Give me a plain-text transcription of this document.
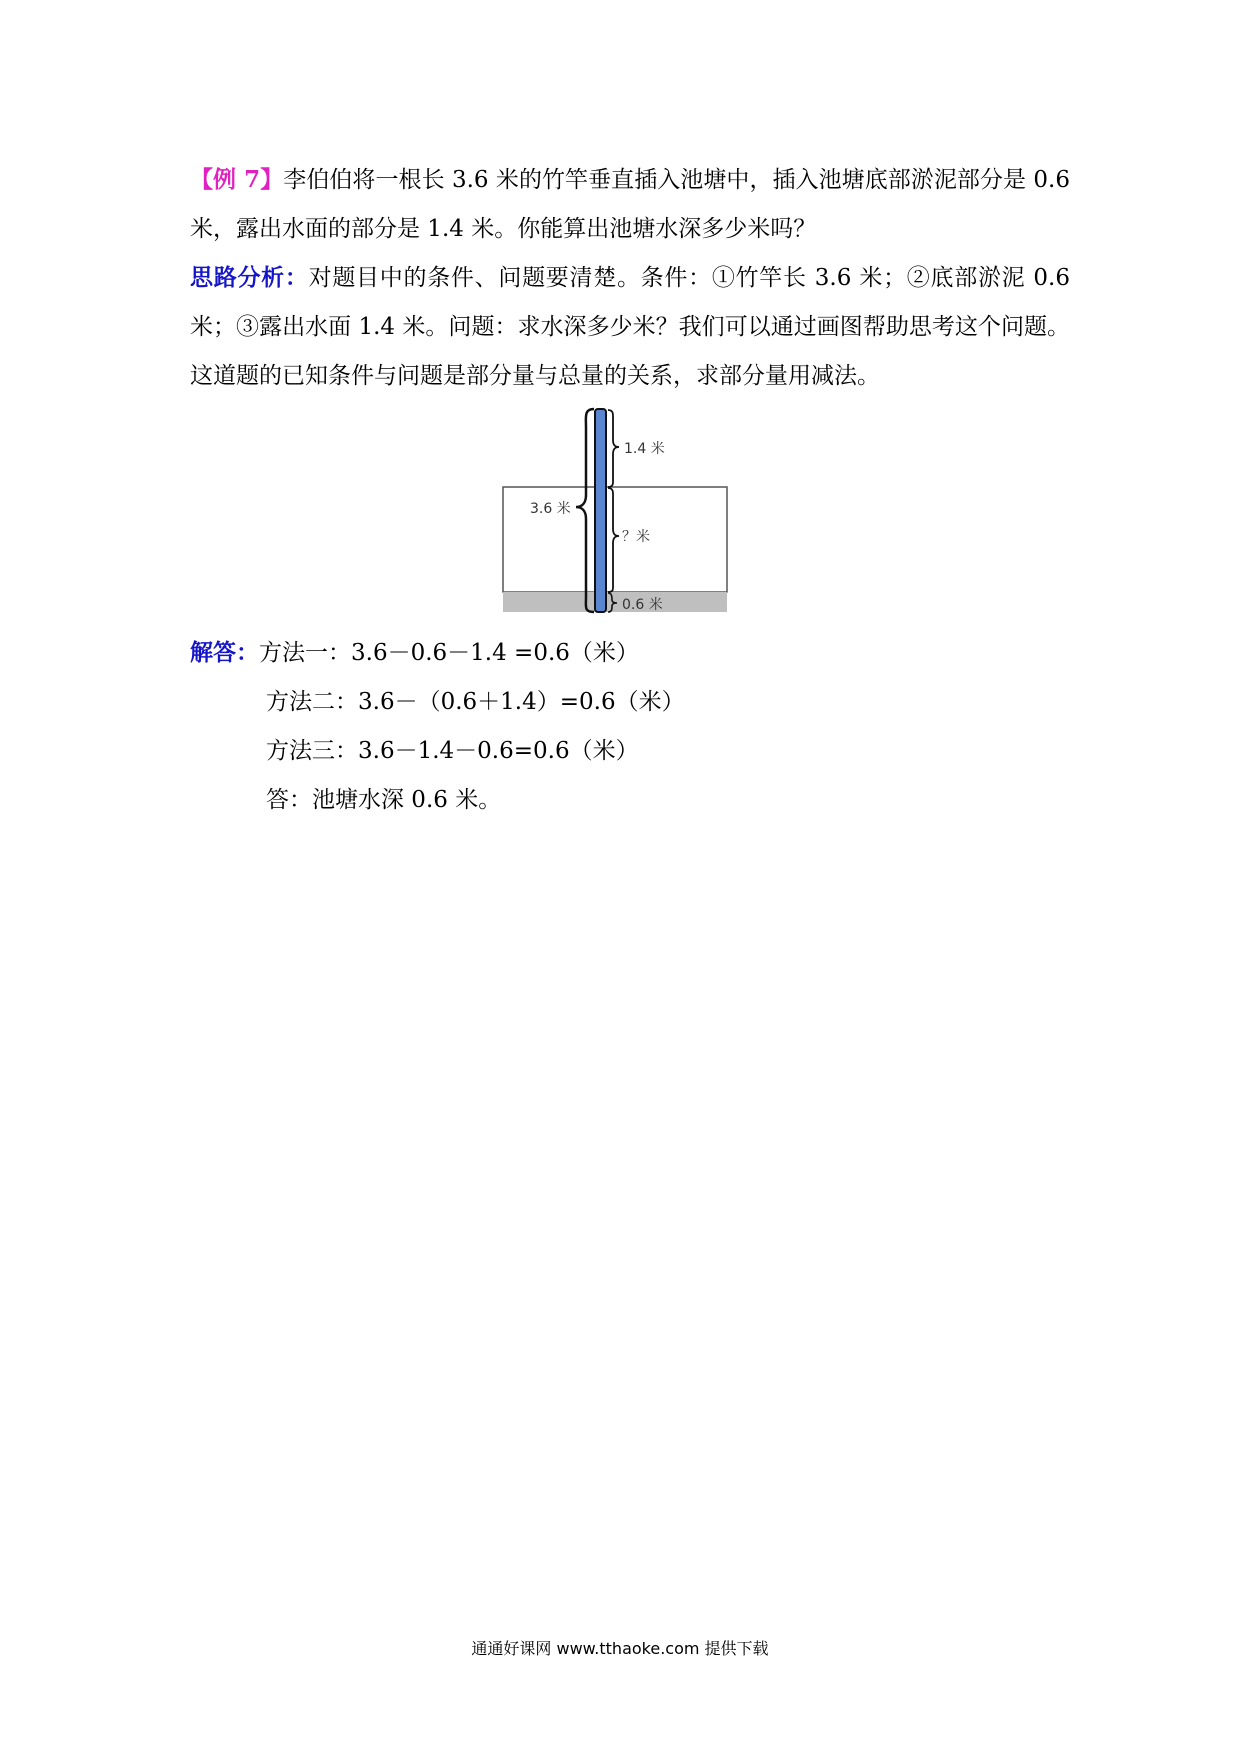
【例 7】李伯伯将一根长 3.6 米的竹竿垂直插入池塘中，插入池塘底部淤泥部分是 0.6 米，露出水面的部分是 1.4 米。你能算出池塘水深多少米吗？

思路分析：对题目中的条件、问题要清楚。条件：①竹竿长 3.6 米；②底部淤泥 0.6 米；③露出水面 1.4 米。问题：求水深多少米？我们可以通过画图帮助思考这个问题。这道题的已知条件与问题是部分量与总量的关系，求部分量用减法。

3.6 米
1.4 米
？米
0.6 米

解答：方法一：3.6－0.6－1.4 =0.6（米）

方法二：3.6－（0.6＋1.4）=0.6（米）

方法三：3.6－1.4－0.6=0.6（米）

答：池塘水深 0.6 米。

通通好课网 www.tthaoke.com 提供下载
